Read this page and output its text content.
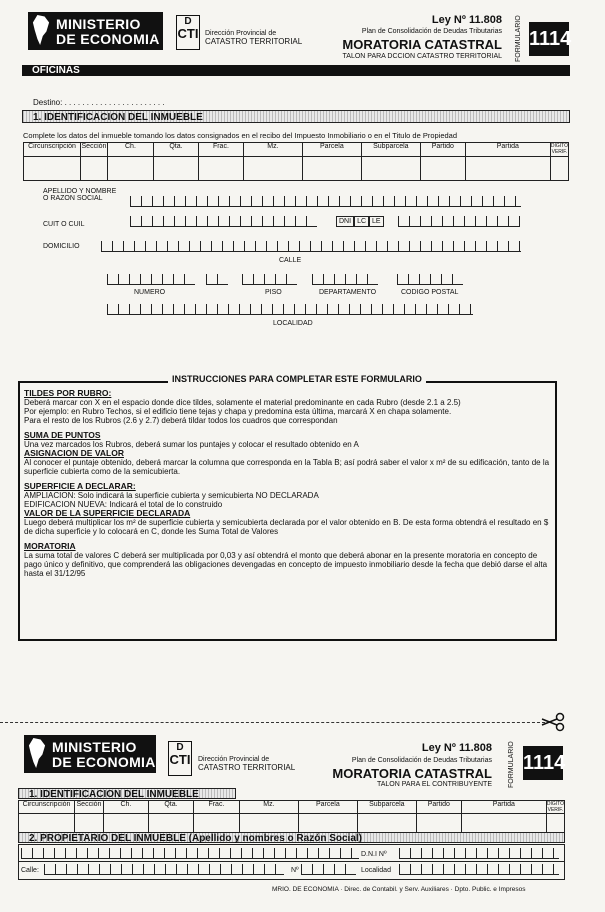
MINISTERIO
DE ECONOMIA
D
CTI Dirección Provincial de
CATASTRO TERRITORIAL
Ley Nº 11.808
Plan de Consolidación de Deudas Tributarias
MORATORIA CATASTRAL
TALON PARA DCCION CATASTRO TERRITORIAL FORMULARIO 1114
OFICINAS
Destino: . . . . . . . . . . . . . . . . . . . . . . .
1. IDENTIFICACION DEL INMUEBLE
Complete los datos del inmueble tomando los datos consignados en el recibo del Impuesto Inmobiliario o en el Titulo de Propiedad
Circunscripción	Sección	Ch.	Qta.	Frac.	Mz.	Parcela	Subparcela	Partido	Partida	DIGITO VERIF.

APELLIDO Y NOMBRE
O RAZON SOCIAL
CUIT O CUIL	DNI LC LE
DOMICILIO
CALLE
NUMERO	PISO	DEPARTAMENTO	CODIGO POSTAL
LOCALIDAD
INSTRUCCIONES PARA COMPLETAR ESTE FORMULARIO

TILDES POR RUBRO:

Deberá marcar con X en el espacio donde dice tildes, solamente el material predominante en cada Rubro (desde 2.1 a 2.5)

Por ejemplo: en Rubro Techos, si el edificio tiene tejas y chapa y predomina esta última, marcará X en chapa solamente.

Para el resto de los Rubros (2.6 y 2.7) deberá tildar todos los cuadros que correspondan

SUMA DE PUNTOS

Una vez marcados los Rubros, deberá sumar los puntajes y colocar el resultado obtenido en A

ASIGNACION DE VALOR

Al conocer el puntaje obtenido, deberá marcar la columna que corresponda en la Tabla B; así podrá saber el valor x m² de su edificación, tanto de la superficie cubierta como de la semicubierta.

SUPERFICIE A DECLARAR:

AMPLIACION: Solo indicará la superficie cubierta y semicubierta NO DECLARADA

EDIFICACION NUEVA: Indicará el total de lo construido

VALOR DE LA SUPERFICIE DECLARADA

Luego deberá multiplicar los m² de superficie cubierta y semicubierta declarada por el valor obtenido en B. De esta forma obtendrá el resultado en $ de dicha superficie y lo colocará en C, donde les Suma Total de Valores

MORATORIA

La suma total de valores C deberá ser multiplicada por 0,03 y así obtendrá el monto que deberá abonar en la presente moratoria en concepto de pago único y definitivo, que comprenderá las obligaciones devengadas en concepto de impuesto inmobiliario desde la fecha que debió darse el alta hasta el 31/12/95

MINISTERIO
DE ECONOMIA
D
CTI Dirección Provincial de
CATASTRO TERRITORIAL
Ley Nº 11.808
Plan de Consolidación de Deudas Tributarias
MORATORIA CATASTRAL
TALON PARA EL CONTRIBUYENTE FORMULARIO 1114
1. IDENTIFICACION DEL INMUEBLE
Circunscripción	Sección	Ch.	Qta.	Frac.	Mz.	Parcela	Subparcela	Partido	Partida	DIGITO VERIF.

2. PROPIETARIO DEL INMUEBLE (Apellido y nombres o Razón Social)
D.N.I Nº
Calle:	Nº	Localidad
MRIO. DE ECONOMIA · Direc. de Contabil. y Serv. Auxiliares · Dpto. Public. e Impresos
